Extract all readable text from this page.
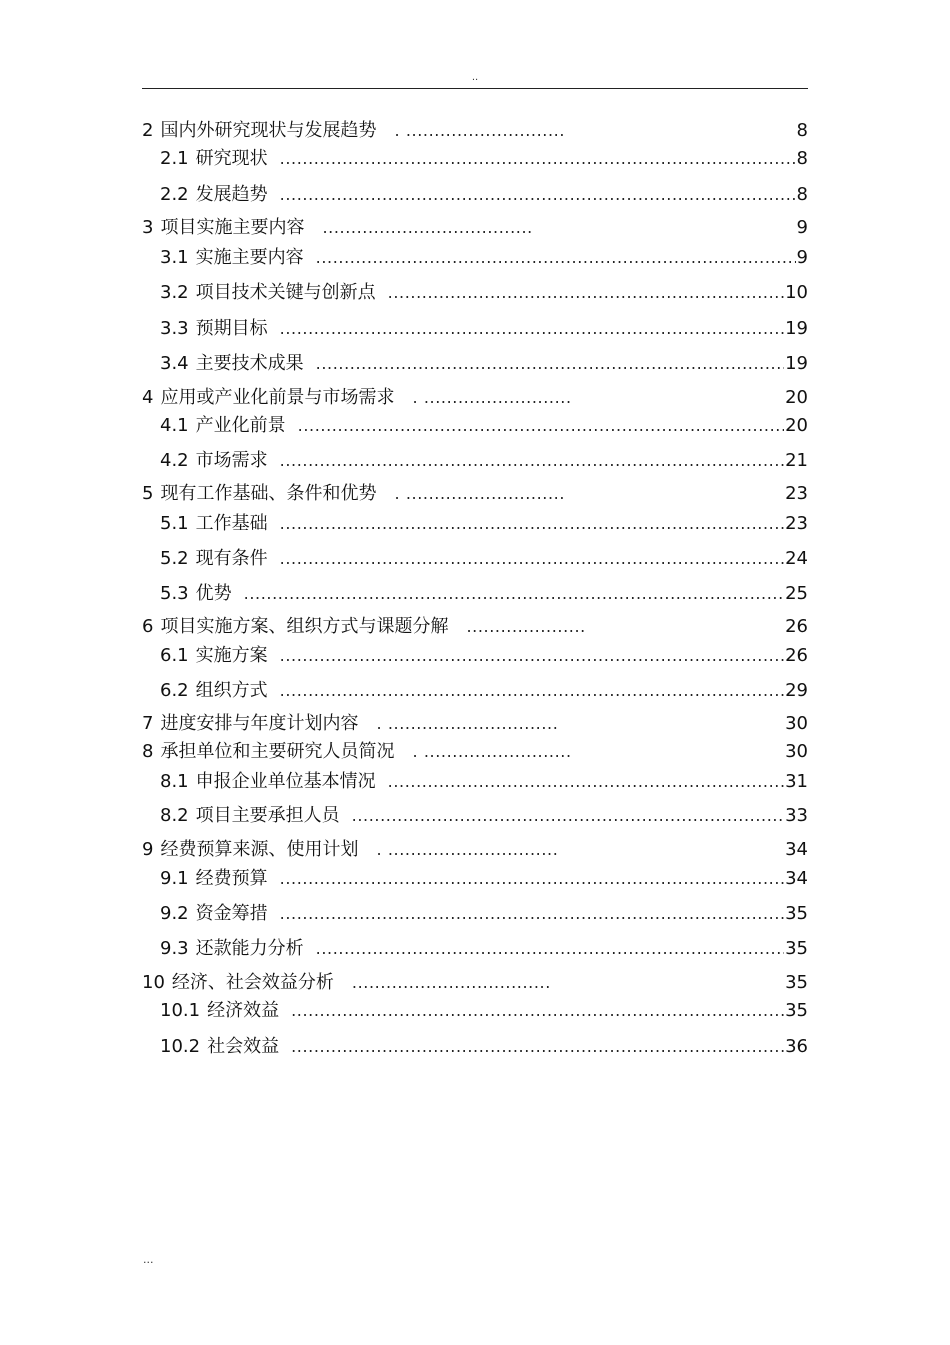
..
2 国内外研究现状与发展趋势 . ............................	8
2.1 研究现状 .....	8
2.2 发展趋势 .....	8
3 项目实施主要内容 .....................................	9
3.1 实施主要内容 .....	9
3.2 项目技术关键与创新点 .....	10
3.3 预期目标 .....	19
3.4 主要技术成果 .....	19
4 应用或产业化前景与市场需求 . ..........................	20
4.1 产业化前景 .....	20
4.2 市场需求 .....	21
5 现有工作基础、条件和优势 . ............................	23
5.1 工作基础 .....	23
5.2 现有条件 .....	24
5.3 优势 .....	25
6 项目实施方案、组织方式与课题分解 .....................	26
6.1 实施方案 .....	26
6.2 组织方式 .....	29
7 进度安排与年度计划内容 . ..............................	30
8 承担单位和主要研究人员简况 . ..........................	30
8.1 申报企业单位基本情况 .....	31
8.2 项目主要承担人员 .....	33
9 经费预算来源、使用计划 . ..............................	34
9.1 经费预算 .....	34
9.2 资金筹措 .....	35
9.3 还款能力分析 .....	35
10 经济、社会效益分析 ...................................	35
10.1 经济效益 .....	35
10.2 社会效益 .....	36
...
